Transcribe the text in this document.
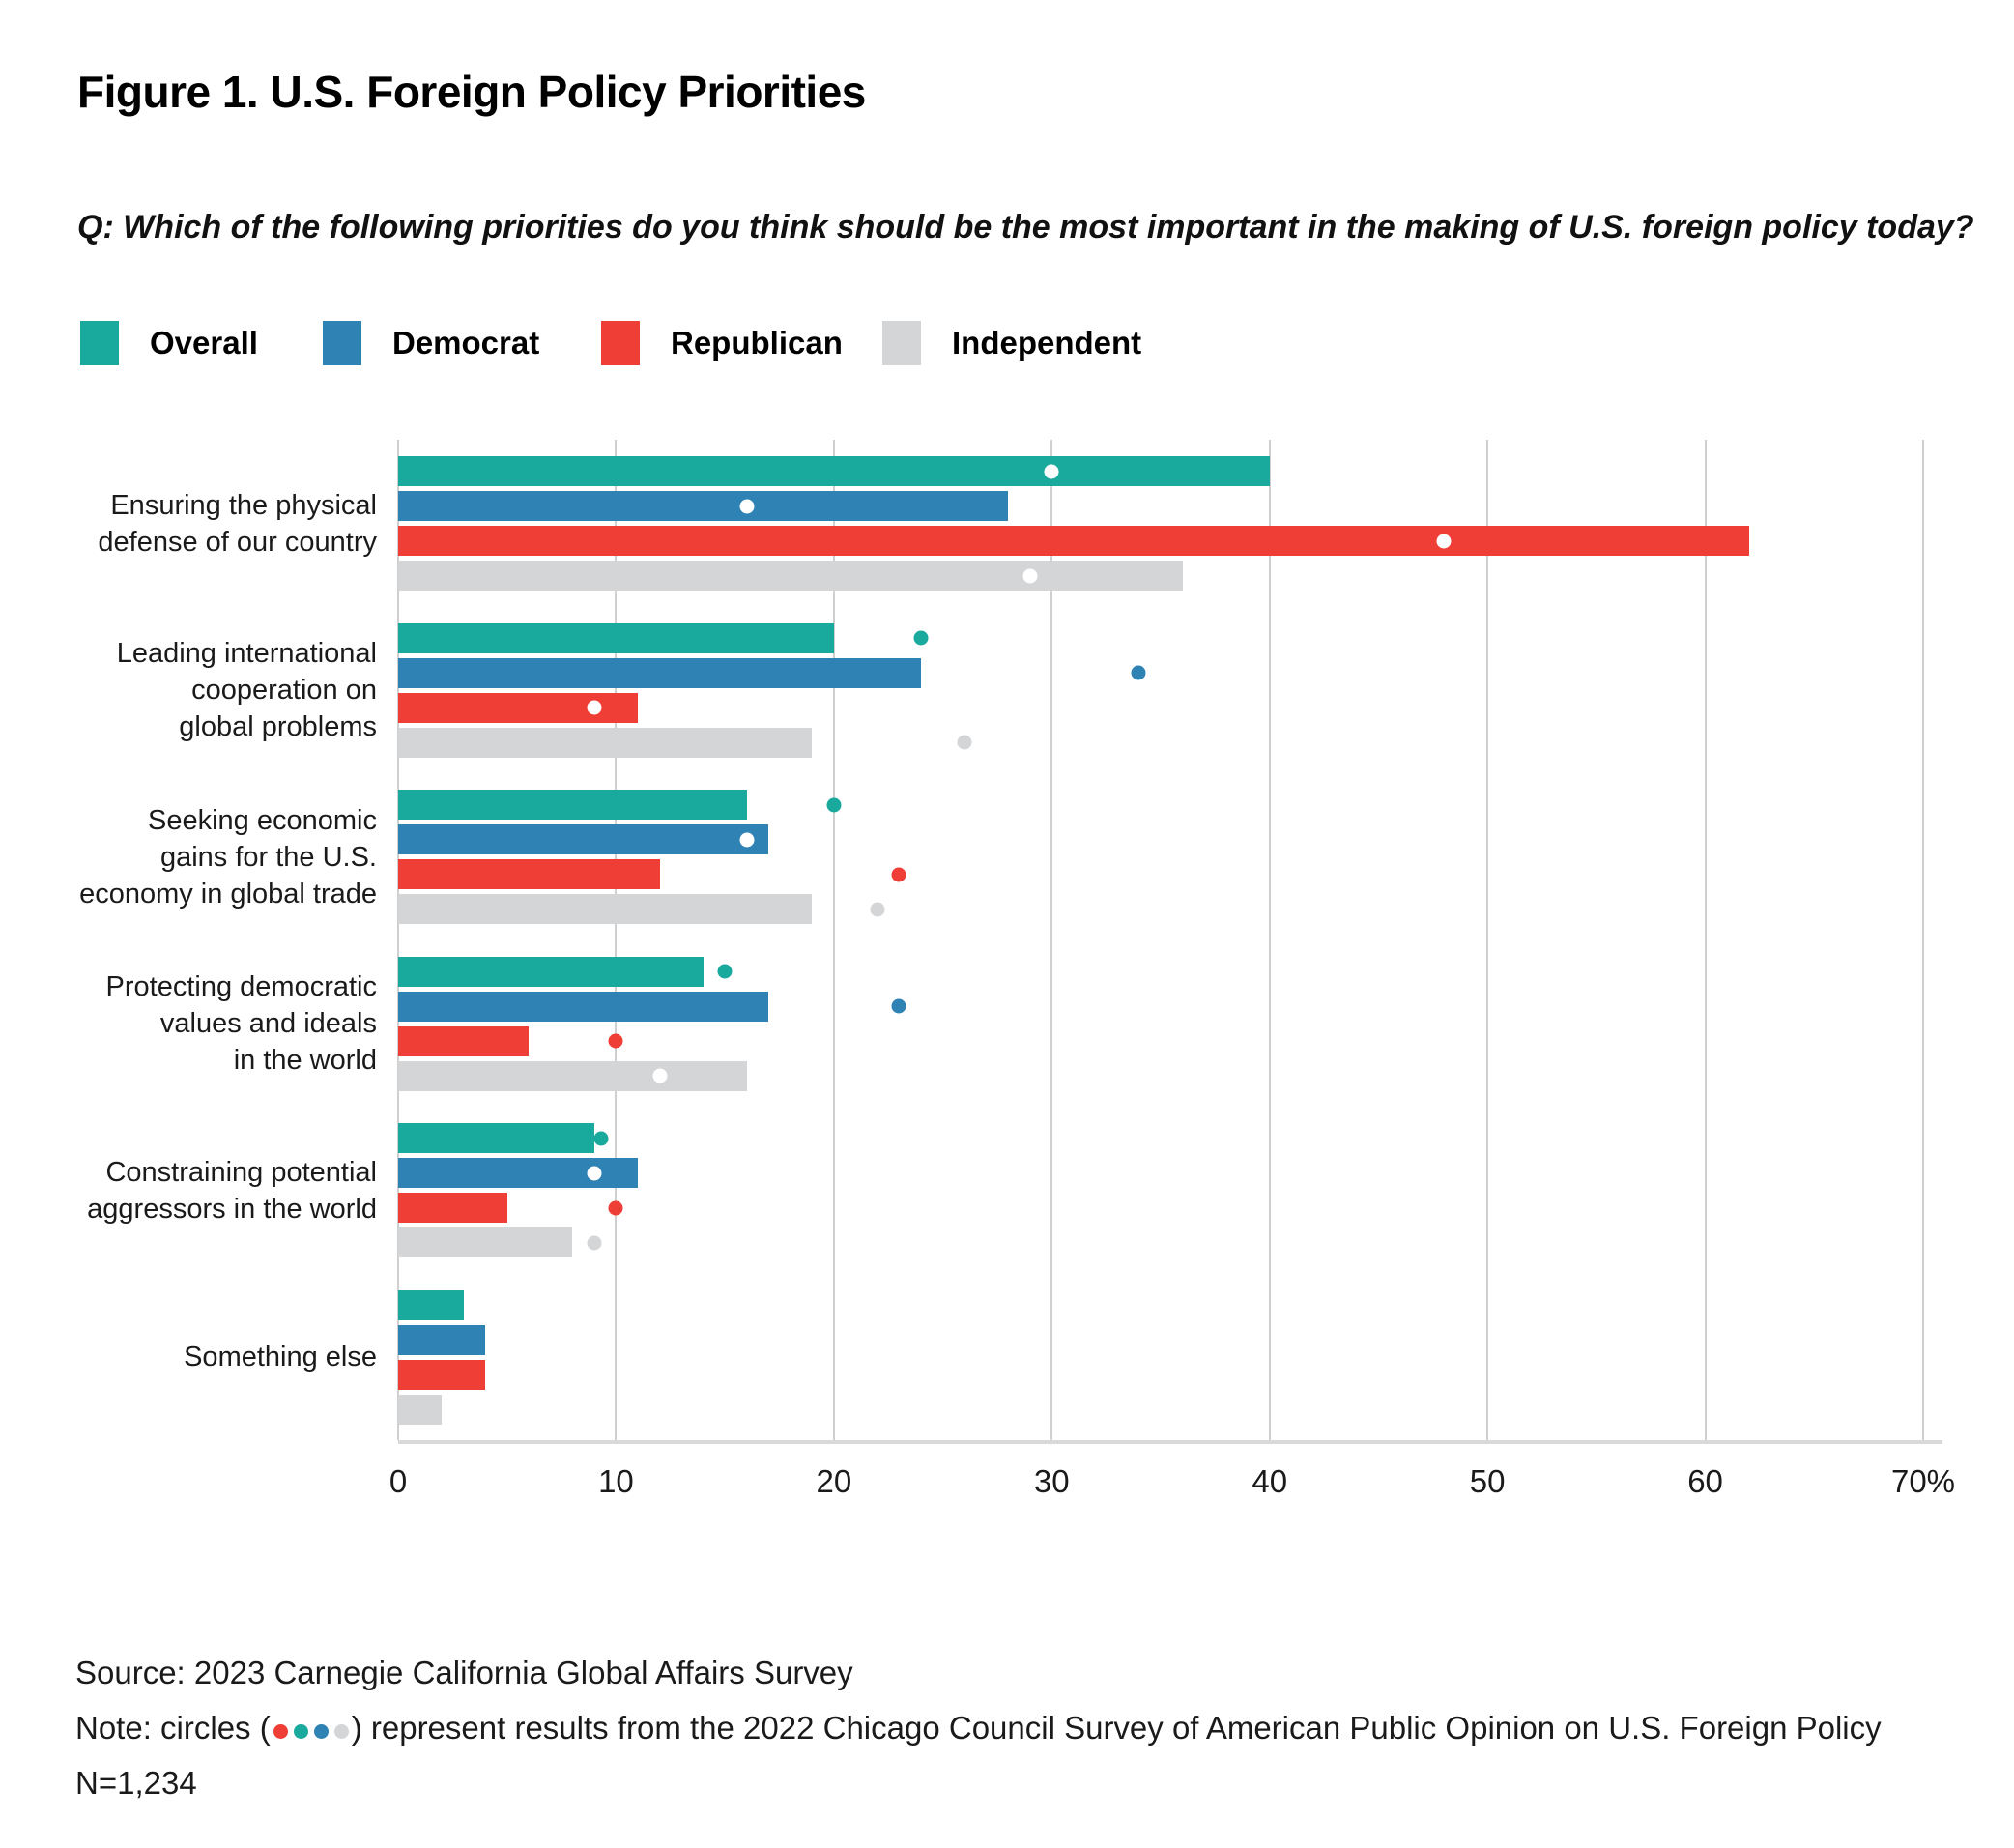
Figure 1. U.S. Foreign Policy Priorities
Q: Which of the following priorities do you think should be the most important in the making of U.S. foreign policy today?
Overall	Democrat	Republican	Independent
Ensuring the physical
defense of our country
Leading international
cooperation on
global problems
Seeking economic
gains for the U.S.
economy in global trade
Protecting democratic
values and ideals
in the world
Constraining potential
aggressors in the world
Something else
0	10	20	30	40	50	60	70%
Source: 2023 Carnegie California Global Affairs Survey
Note: circles (	) represent results from the 2022 Chicago Council Survey of American Public Opinion on U.S. Foreign Policy
N=1,234
